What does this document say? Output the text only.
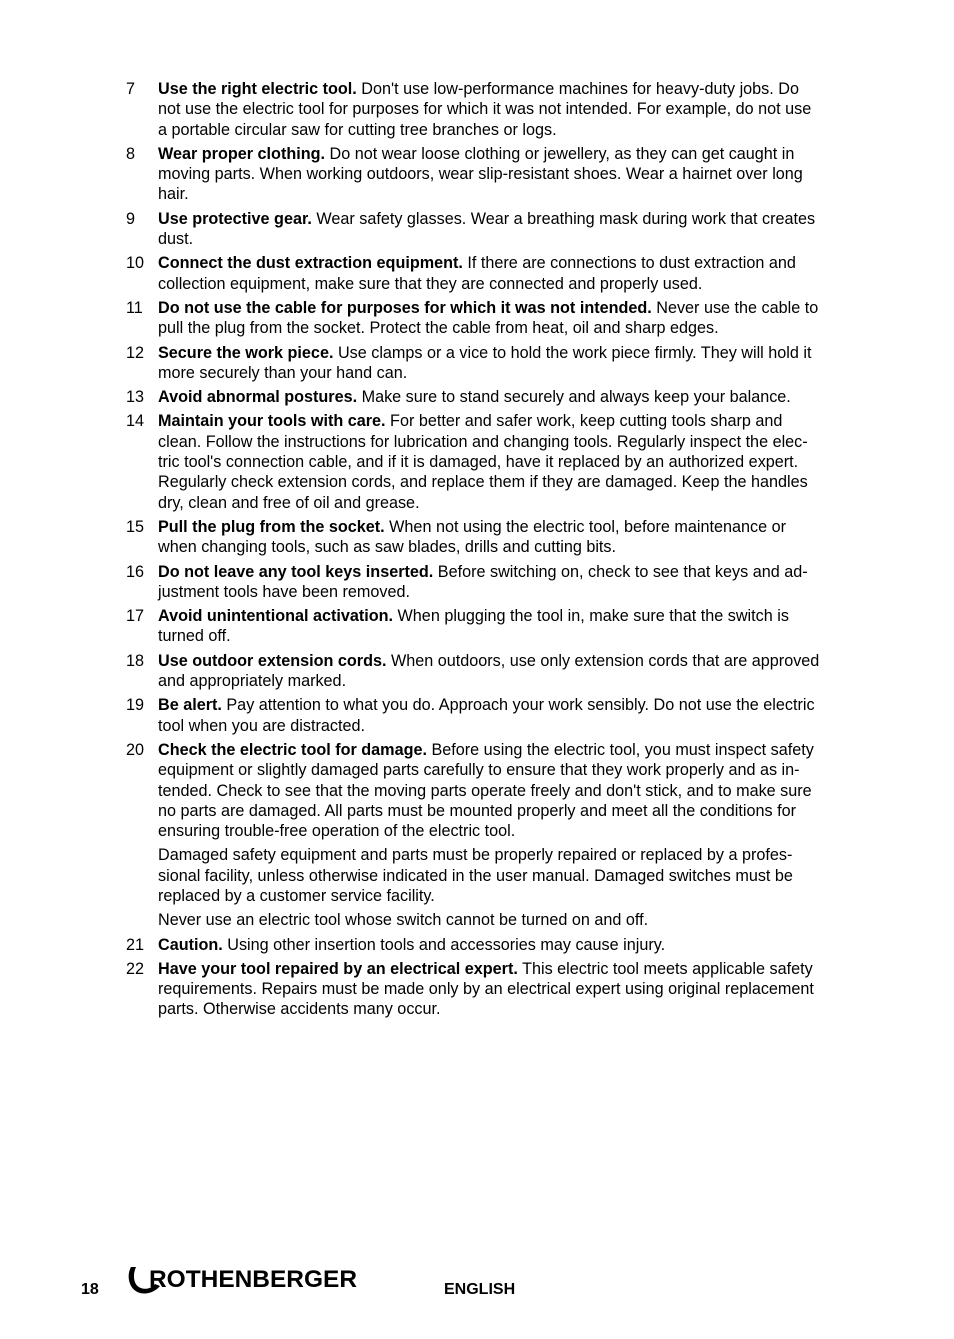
7 Use the right electric tool. Don't use low-performance machines for heavy-duty jobs. Do
not use the electric tool for purposes for which it was not intended. For example, do not use
a portable circular saw for cutting tree branches or logs.
8 Wear proper clothing. Do not wear loose clothing or jewellery, as they can get caught in
moving parts. When working outdoors, wear slip-resistant shoes. Wear a hairnet over long
hair.
9 Use protective gear. Wear safety glasses. Wear a breathing mask during work that creates
dust.
10 Connect the dust extraction equipment. If there are connections to dust extraction and
collection equipment, make sure that they are connected and properly used.
11 Do not use the cable for purposes for which it was not intended. Never use the cable to
pull the plug from the socket. Protect the cable from heat, oil and sharp edges.
12 Secure the work piece. Use clamps or a vice to hold the work piece firmly. They will hold it
more securely than your hand can.
13 Avoid abnormal postures. Make sure to stand securely and always keep your balance.
14 Maintain your tools with care. For better and safer work, keep cutting tools sharp and
clean. Follow the instructions for lubrication and changing tools. Regularly inspect the elec-
tric tool's connection cable, and if it is damaged, have it replaced by an authorized expert.
Regularly check extension cords, and replace them if they are damaged. Keep the handles
dry, clean and free of oil and grease.
15 Pull the plug from the socket. When not using the electric tool, before maintenance or
when changing tools, such as saw blades, drills and cutting bits.
16 Do not leave any tool keys inserted. Before switching on, check to see that keys and ad-
justment tools have been removed.
17 Avoid unintentional activation. When plugging the tool in, make sure that the switch is
turned off.
18 Use outdoor extension cords. When outdoors, use only extension cords that are approved
and appropriately marked.
19 Be alert. Pay attention to what you do. Approach your work sensibly. Do not use the electric
tool when you are distracted.
20 Check the electric tool for damage. Before using the electric tool, you must inspect safety
equipment or slightly damaged parts carefully to ensure that they work properly and as in-
tended. Check to see that the moving parts operate freely and don't stick, and to make sure
no parts are damaged. All parts must be mounted properly and meet all the conditions for
ensuring trouble-free operation of the electric tool.
Damaged safety equipment and parts must be properly repaired or replaced by a profes-
sional facility, unless otherwise indicated in the user manual. Damaged switches must be
replaced by a customer service facility.
Never use an electric tool whose switch cannot be turned on and off.
21 Caution. Using other insertion tools and accessories may cause injury.
22 Have your tool repaired by an electrical expert. This electric tool meets applicable safety
requirements. Repairs must be made only by an electrical expert using original replacement
parts. Otherwise accidents many occur.
18 ROTHENBERGER	ENGLISH
